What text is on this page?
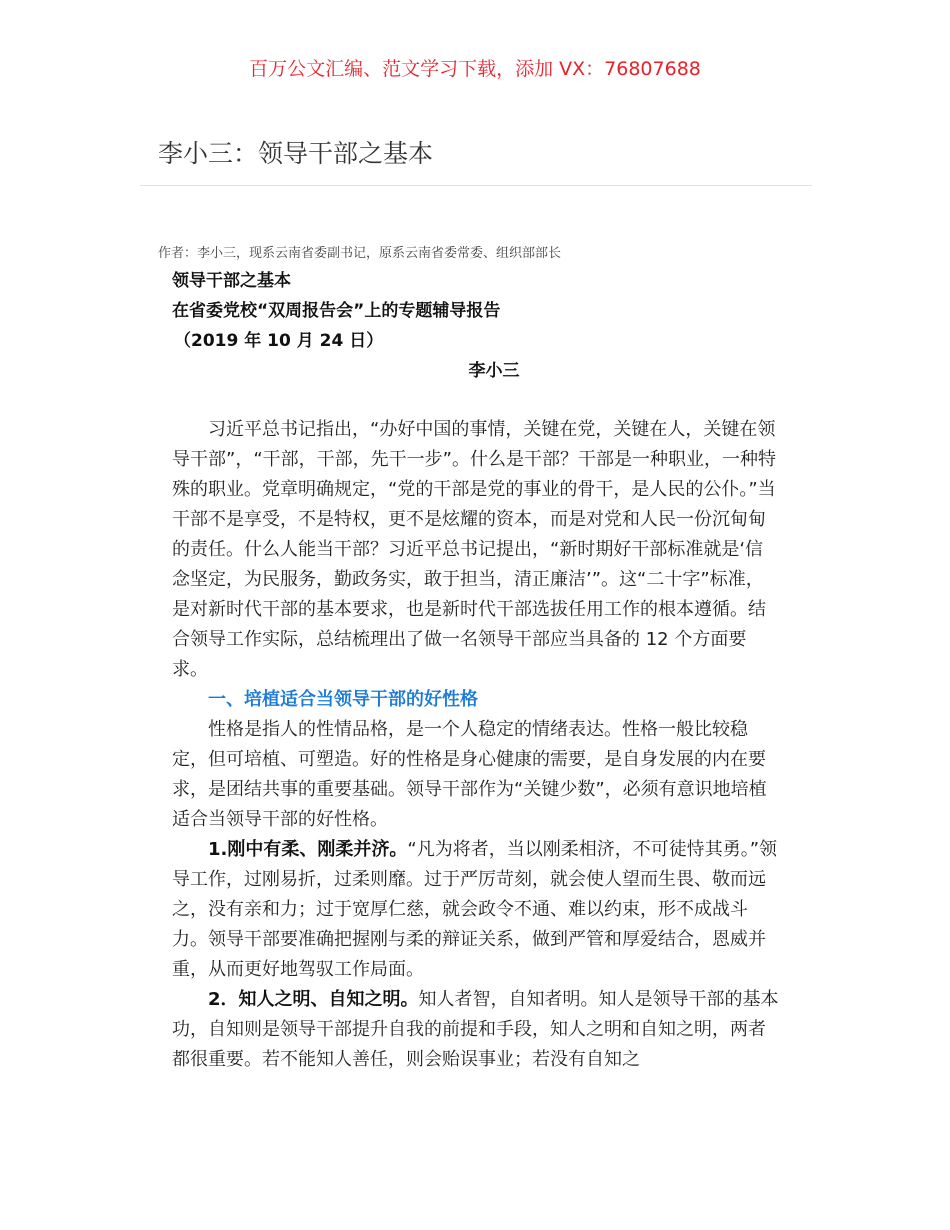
百万公文汇编、范文学习下载，添加 VX：76807688
李小三：领导干部之基本
作者：李小三，现系云南省委副书记，原系云南省委常委、组织部部长
领导干部之基本
在省委党校“双周报告会”上的专题辅导报告
（2019 年 10 月 24 日）
李小三

习近平总书记指出，“办好中国的事情，关键在党，关键在人，关键在领导干部”，“干部，干部，先干一步”。什么是干部？干部是一种职业，一种特殊的职业。党章明确规定，“党的干部是党的事业的骨干，是人民的公仆。”当干部不是享受，不是特权，更不是炫耀的资本，而是对党和人民一份沉甸甸的责任。什么人能当干部？习近平总书记提出，“新时期好干部标准就是‘信念坚定，为民服务，勤政务实，敢于担当，清正廉洁’”。这“二十字”标准，是对新时代干部的基本要求，也是新时代干部选拔任用工作的根本遵循。结合领导工作实际，总结梳理出了做一名领导干部应当具备的 12 个方面要求。

一、培植适合当领导干部的好性格

性格是指人的性情品格，是一个人稳定的情绪表达。性格一般比较稳定，但可培植、可塑造。好的性格是身心健康的需要，是自身发展的内在要求，是团结共事的重要基础。领导干部作为“关键少数”，必须有意识地培植适合当领导干部的好性格。

1.刚中有柔、刚柔并济。“凡为将者，当以刚柔相济，不可徒恃其勇。”领导工作，过刚易折，过柔则靡。过于严厉苛刻，就会使人望而生畏、敬而远之，没有亲和力；过于宽厚仁慈，就会政令不通、难以约束，形不成战斗力。领导干部要准确把握刚与柔的辩证关系，做到严管和厚爱结合，恩威并重，从而更好地驾驭工作局面。

2．知人之明、自知之明。知人者智，自知者明。知人是领导干部的基本功，自知则是领导干部提升自我的前提和手段，知人之明和自知之明，两者都很重要。若不能知人善任，则会贻误事业；若没有自知之
